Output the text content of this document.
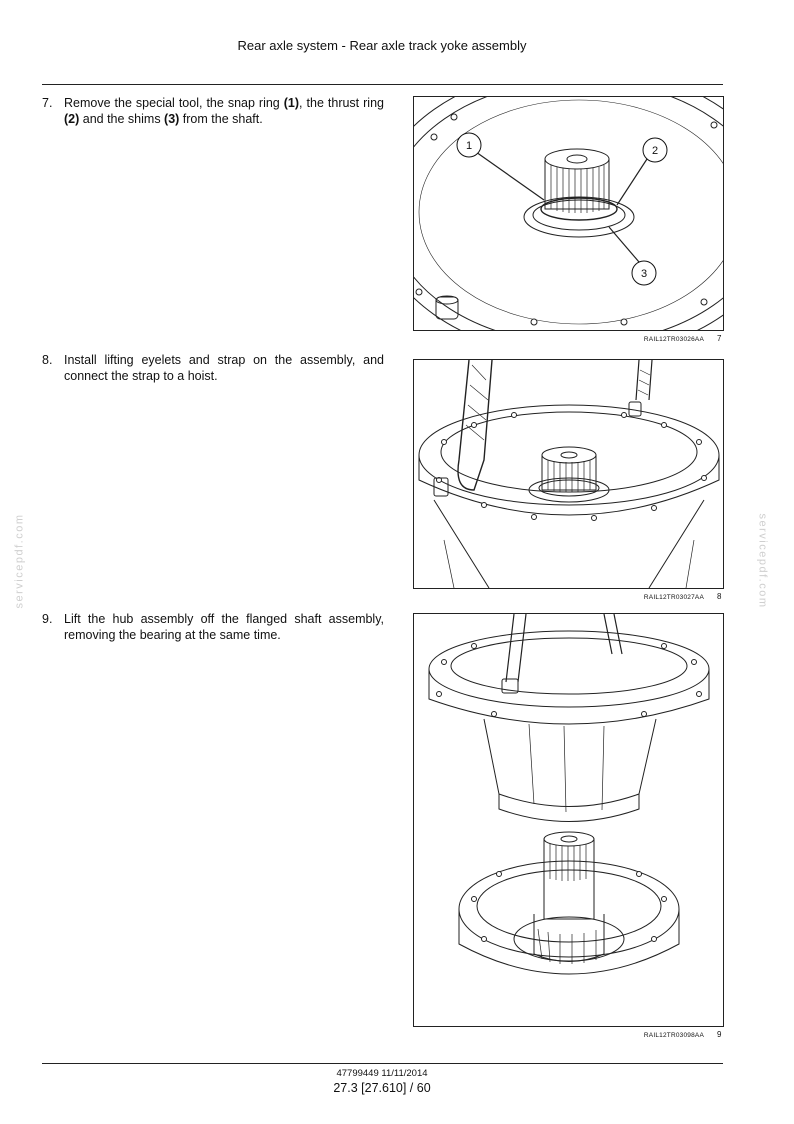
Rear axle system - Rear axle track yoke assembly
7. Remove the special tool, the snap ring (1), the thrust ring (2) and the shims (3) from the shaft.
1	2
3
RAIL12TR03026AA 7
8. Install lifting eyelets and strap on the assembly, and connect the strap to a hoist.
RAIL12TR03027AA 8
9. Lift the hub assembly off the flanged shaft assembly, removing the bearing at the same time.
RAIL12TR03098AA 9
servicepdf.com	servicepdf.com
47799449 11/11/2014
27.3 [27.610] / 60
